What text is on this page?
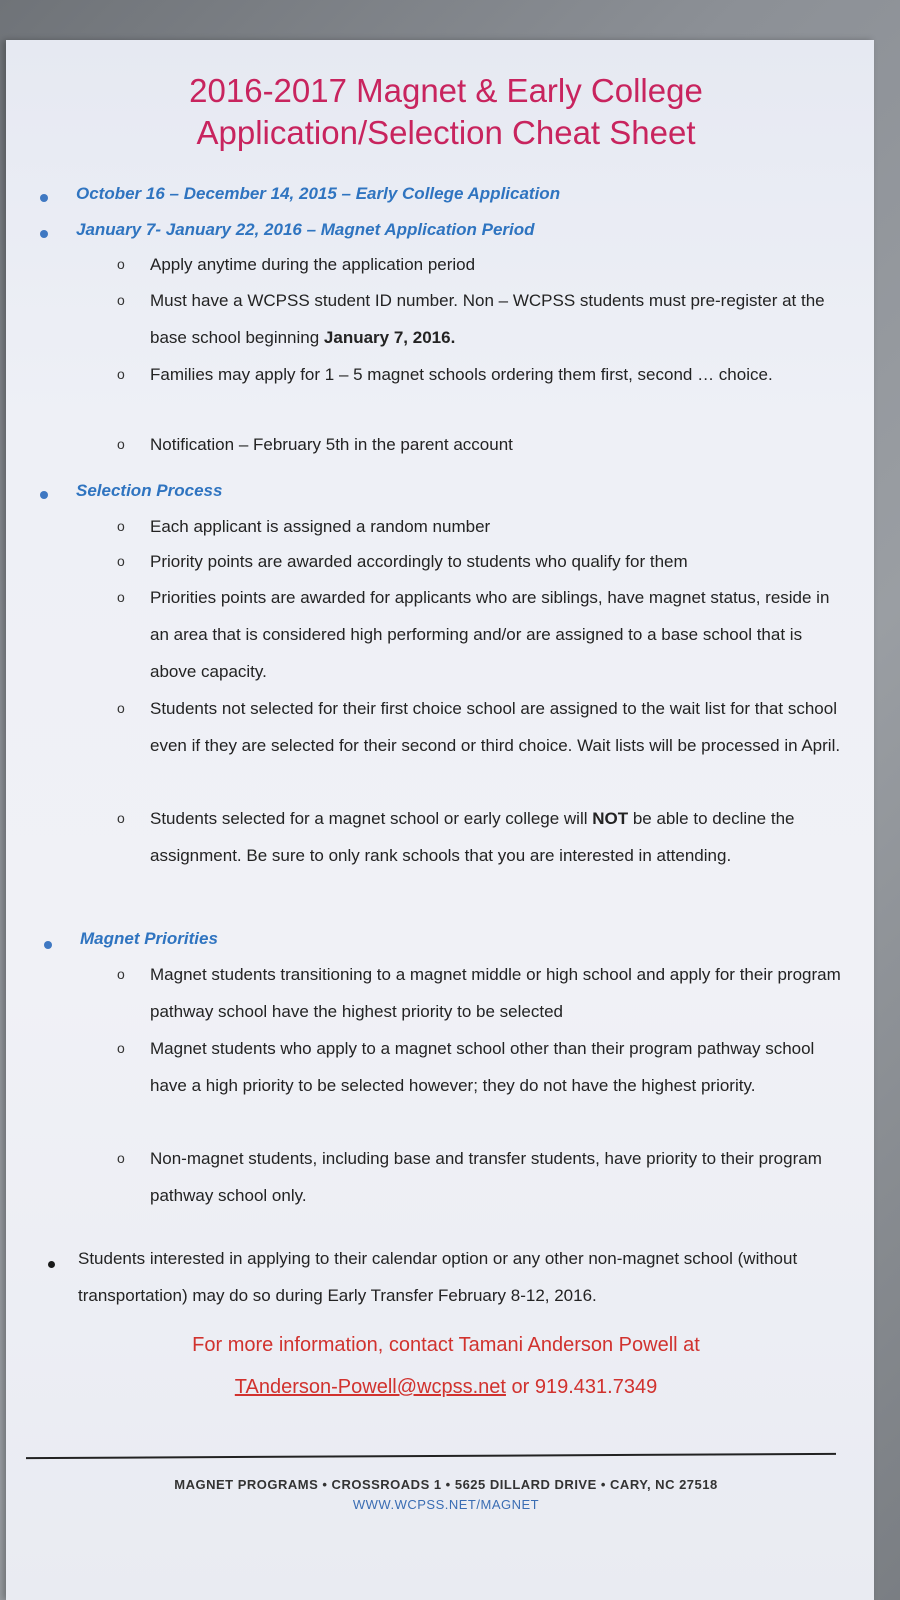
2016-2017 Magnet & Early College
Application/Selection Cheat Sheet
October 16 – December 14, 2015 – Early College Application
January 7- January 22, 2016 – Magnet Application Period
o	Apply anytime during the application period
o	Must have a WCPSS student ID number. Non – WCPSS students must pre-register at the base school beginning January 7, 2016.
o	Families may apply for 1 – 5 magnet schools ordering them first, second … choice.
o	Notification – February 5th in the parent account
Selection Process
o	Each applicant is assigned a random number
o	Priority points are awarded accordingly to students who qualify for them
o	Priorities points are awarded for applicants who are siblings, have magnet status, reside in an area that is considered high performing and/or are assigned to a base school that is above capacity.
o	Students not selected for their first choice school are assigned to the wait list for that school even if they are selected for their second or third choice. Wait lists will be processed in April.
o	Students selected for a magnet school or early college will NOT be able to decline the assignment. Be sure to only rank schools that you are interested in attending.
Magnet Priorities
o	Magnet students transitioning to a magnet middle or high school and apply for their program pathway school have the highest priority to be selected
o	Magnet students who apply to a magnet school other than their program pathway school have a high priority to be selected however; they do not have the highest priority.
o	Non-magnet students, including base and transfer students, have priority to their program pathway school only.
Students interested in applying to their calendar option or any other non-magnet school (without transportation) may do so during Early Transfer February 8-12, 2016.
For more information, contact Tamani Anderson Powell at
TAnderson-Powell@wcpss.net or 919.431.7349
MAGNET PROGRAMS • CROSSROADS 1 • 5625 DILLARD DRIVE • CARY, NC 27518
WWW.WCPSS.NET/MAGNET
